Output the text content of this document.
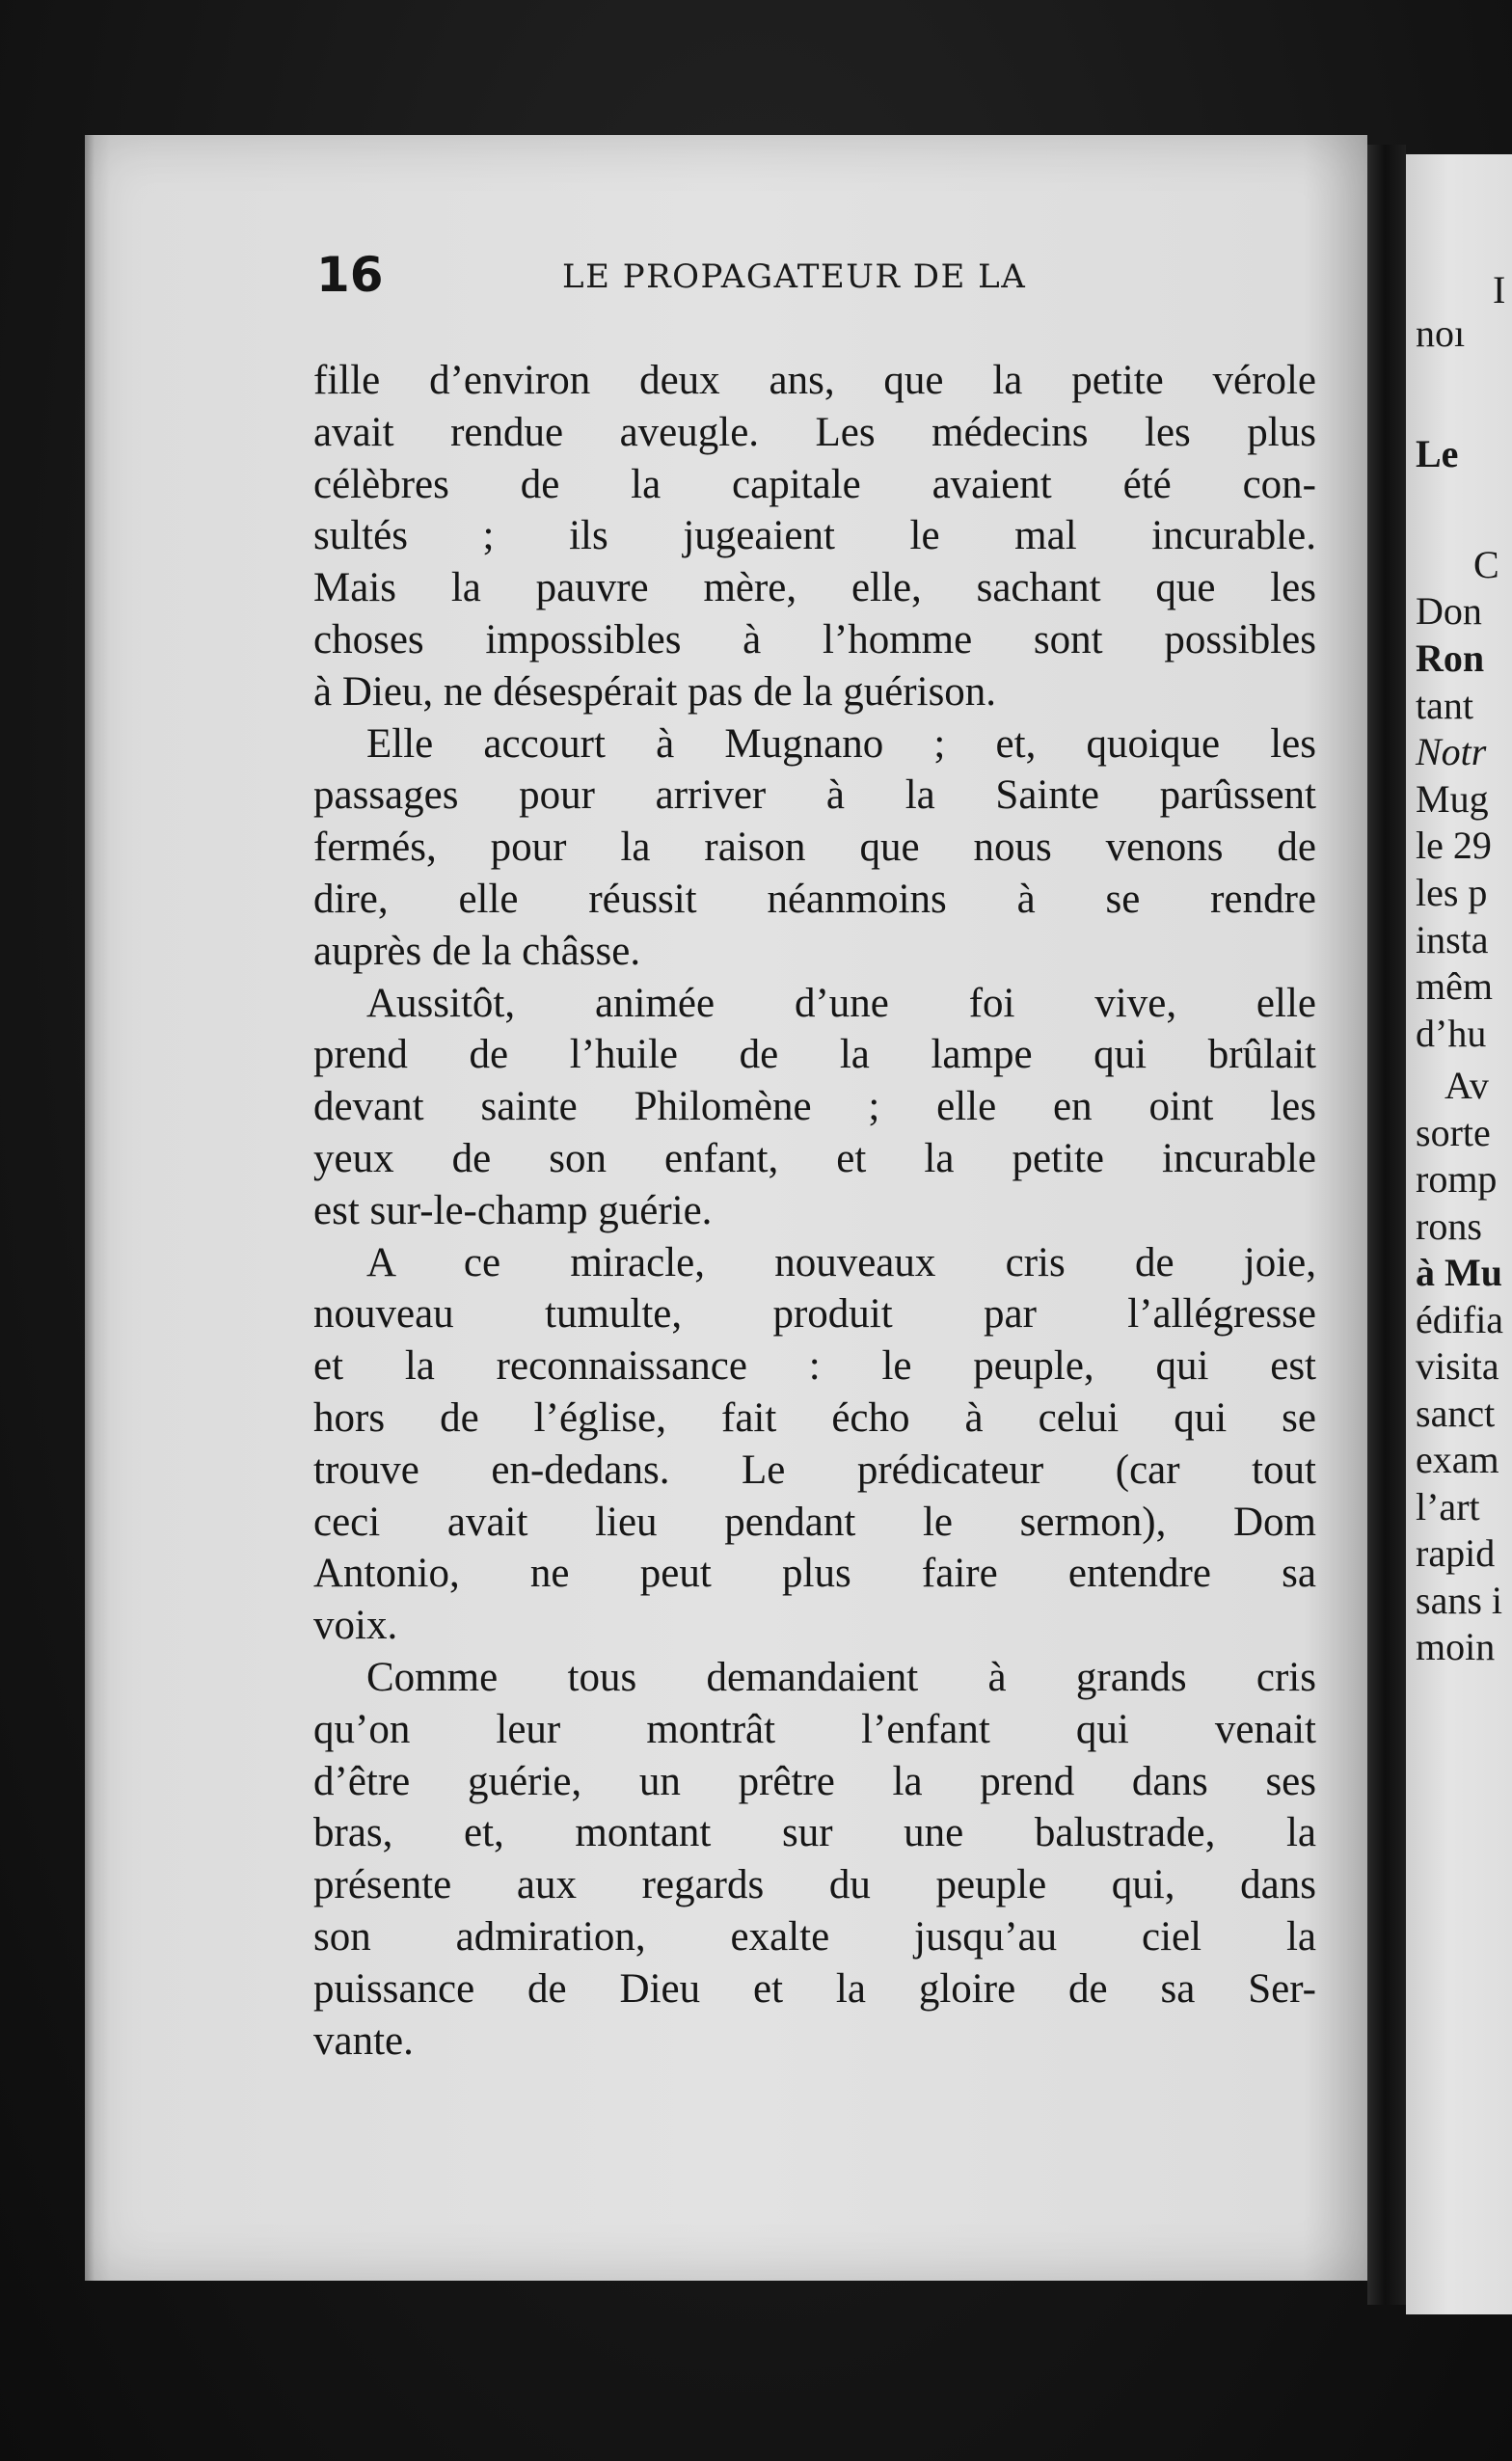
I
noı
Le
C
Don
Ron
tant
Notr
Mug
le 29
les p
insta
mêm
d’hu
Av
sorte
romp
rons
à Mu
édifia
visita
sanct
exam
l’art
rapid
sans i
moin
16	LE PROPAGATEUR DE LA
fille d’environ deux ans, que la petite vérole
avait rendue aveugle. Les médecins les plus
célèbres de la capitale avaient été con-
sultés ; ils jugeaient le mal incurable.
Mais la pauvre mère, elle, sachant que les
choses impossibles à l’homme sont possibles
à Dieu, ne désespérait pas de la guérison.
Elle accourt à Mugnano ; et, quoique les
passages pour arriver à la Sainte parûssent
fermés, pour la raison que nous venons de
dire, elle réussit néanmoins à se rendre
auprès de la châsse.
Aussitôt, animée d’une foi vive, elle
prend de l’huile de la lampe qui brûlait
devant sainte Philomène ; elle en oint les
yeux de son enfant, et la petite incurable
est sur-le-champ guérie.
A ce miracle, nouveaux cris de joie,
nouveau tumulte, produit par l’allégresse
et la reconnaissance : le peuple, qui est
hors de l’église, fait écho à celui qui se
trouve en-dedans. Le prédicateur (car tout
ceci avait lieu pendant le sermon), Dom
Antonio, ne peut plus faire entendre sa
voix.
Comme tous demandaient à grands cris
qu’on leur montrât l’enfant qui venait
d’être guérie, un prêtre la prend dans ses
bras, et, montant sur une balustrade, la
présente aux regards du peuple qui, dans
son admiration, exalte jusqu’au ciel la
puissance de Dieu et la gloire de sa Ser-
vante.
